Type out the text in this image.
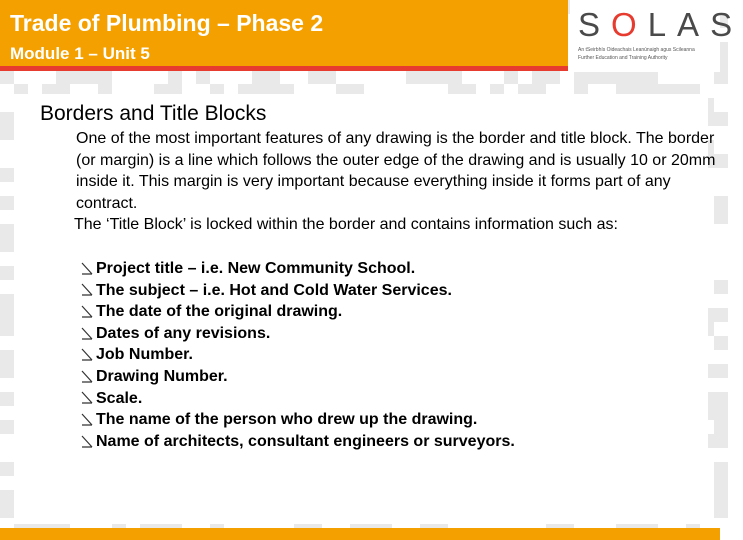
Trade of Plumbing – Phase 2
Module 1 – Unit 5
SOLAS
An tSeirbhís Oideachais Leanúnaigh agus Scileanna
Further Education and Training Authority
Borders and Title Blocks

One of the most important features of any drawing is the border and title block. The border (or margin) is a line which follows the outer edge of the drawing and is usually 10 or 20mm inside it. This margin is very important because everything inside it forms part of any contract.

The ‘Title Block’ is locked within the border and contains information such as:

Project title – i.e. New Community School.
The subject – i.e. Hot and Cold Water Services.
The date of the original drawing.
Dates of any revisions.
Job Number.
Drawing Number.
Scale.
The name of the person who drew up the drawing.
Name of architects, consultant engineers or surveyors.
